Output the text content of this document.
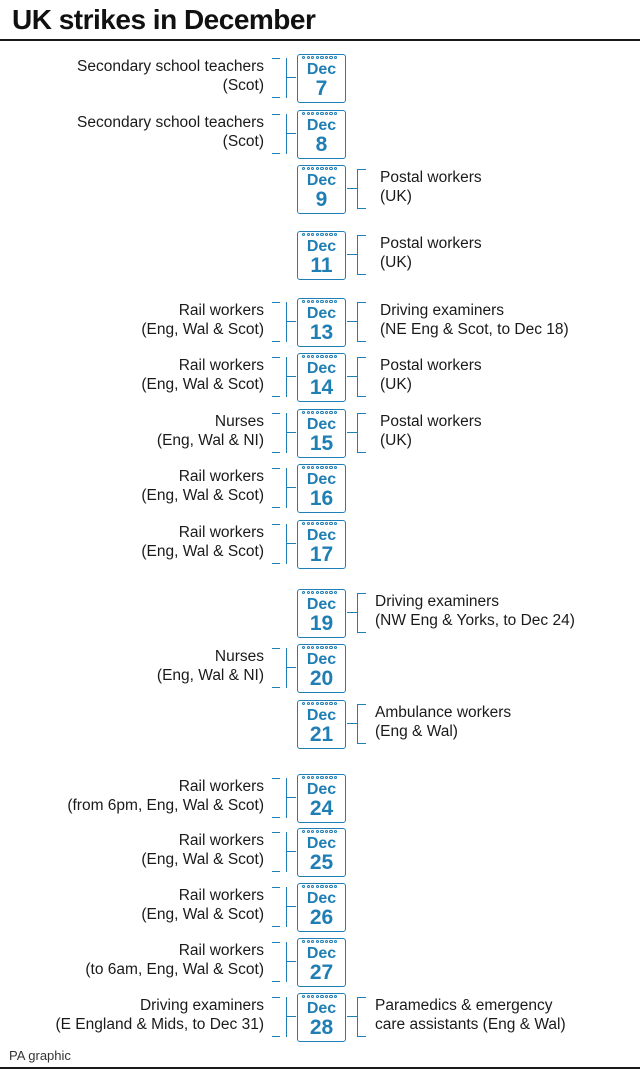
UK strikes in December
Dec
7
Secondary school teachers
(Scot)
Dec
8
Secondary school teachers
(Scot)
Dec
9
Postal workers
(UK)
Dec
11
Postal workers
(UK)
Dec
13
Rail workers
(Eng, Wal & Scot)
Driving examiners
(NE Eng & Scot, to Dec 18)
Dec
14
Rail workers
(Eng, Wal & Scot)
Postal workers
(UK)
Dec
15
Nurses
(Eng, Wal & NI)
Postal workers
(UK)
Dec
16
Rail workers
(Eng, Wal & Scot)
Dec
17
Rail workers
(Eng, Wal & Scot)
Dec
19
Driving examiners
(NW Eng & Yorks, to Dec 24)
Dec
20
Nurses
(Eng, Wal & NI)
Dec
21
Ambulance workers
(Eng & Wal)
Dec
24
Rail workers
(from 6pm, Eng, Wal & Scot)
Dec
25
Rail workers
(Eng, Wal & Scot)
Dec
26
Rail workers
(Eng, Wal & Scot)
Dec
27
Rail workers
(to 6am, Eng, Wal & Scot)
Dec
28
Driving examiners
(E England & Mids, to Dec 31)
Paramedics & emergency
care assistants (Eng & Wal)
PA graphic
